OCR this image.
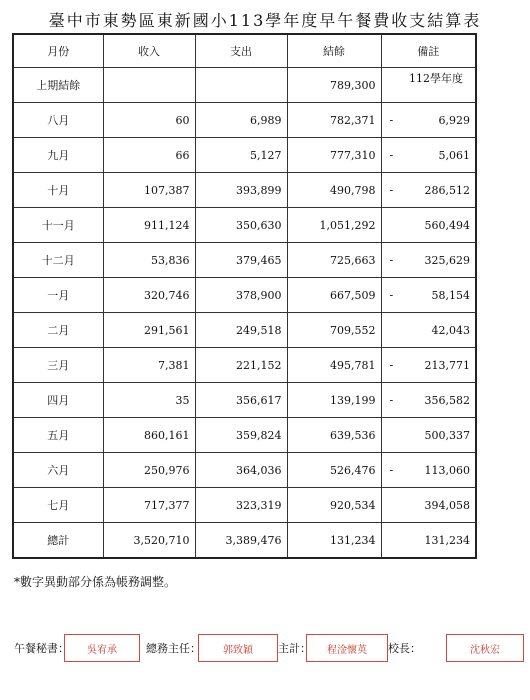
臺中市東勢區東新國小113學年度早午餐費收支結算表
月份	收入	支出	結餘	備註
上期結餘			789,300	112學年度

八月	60	6,989	782,371	- 6,929
九月	66	5,127	777,310	- 5,061
十月	107,387	393,899	490,798	- 286,512
十一月	911,124	350,630	1,051,292	560,494
十二月	53,836	379,465	725,663	- 325,629
一月	320,746	378,900	667,509	- 58,154
二月	291,561	249,518	709,552	42,043
三月	7,381	221,152	495,781	- 213,771
四月	35	356,617	139,199	- 356,582
五月	860,161	359,824	639,536	500,337
六月	250,976	364,036	526,476	- 113,060
七月	717,377	323,319	920,534	394,058
總計	3,520,710	3,389,476	131,234	131,234
*數字異動部分係為帳務調整。
午餐秘書： 吳宥承	總務主任： 郭致穎 主計： 程淦懷英 校長：	沈秋宏
